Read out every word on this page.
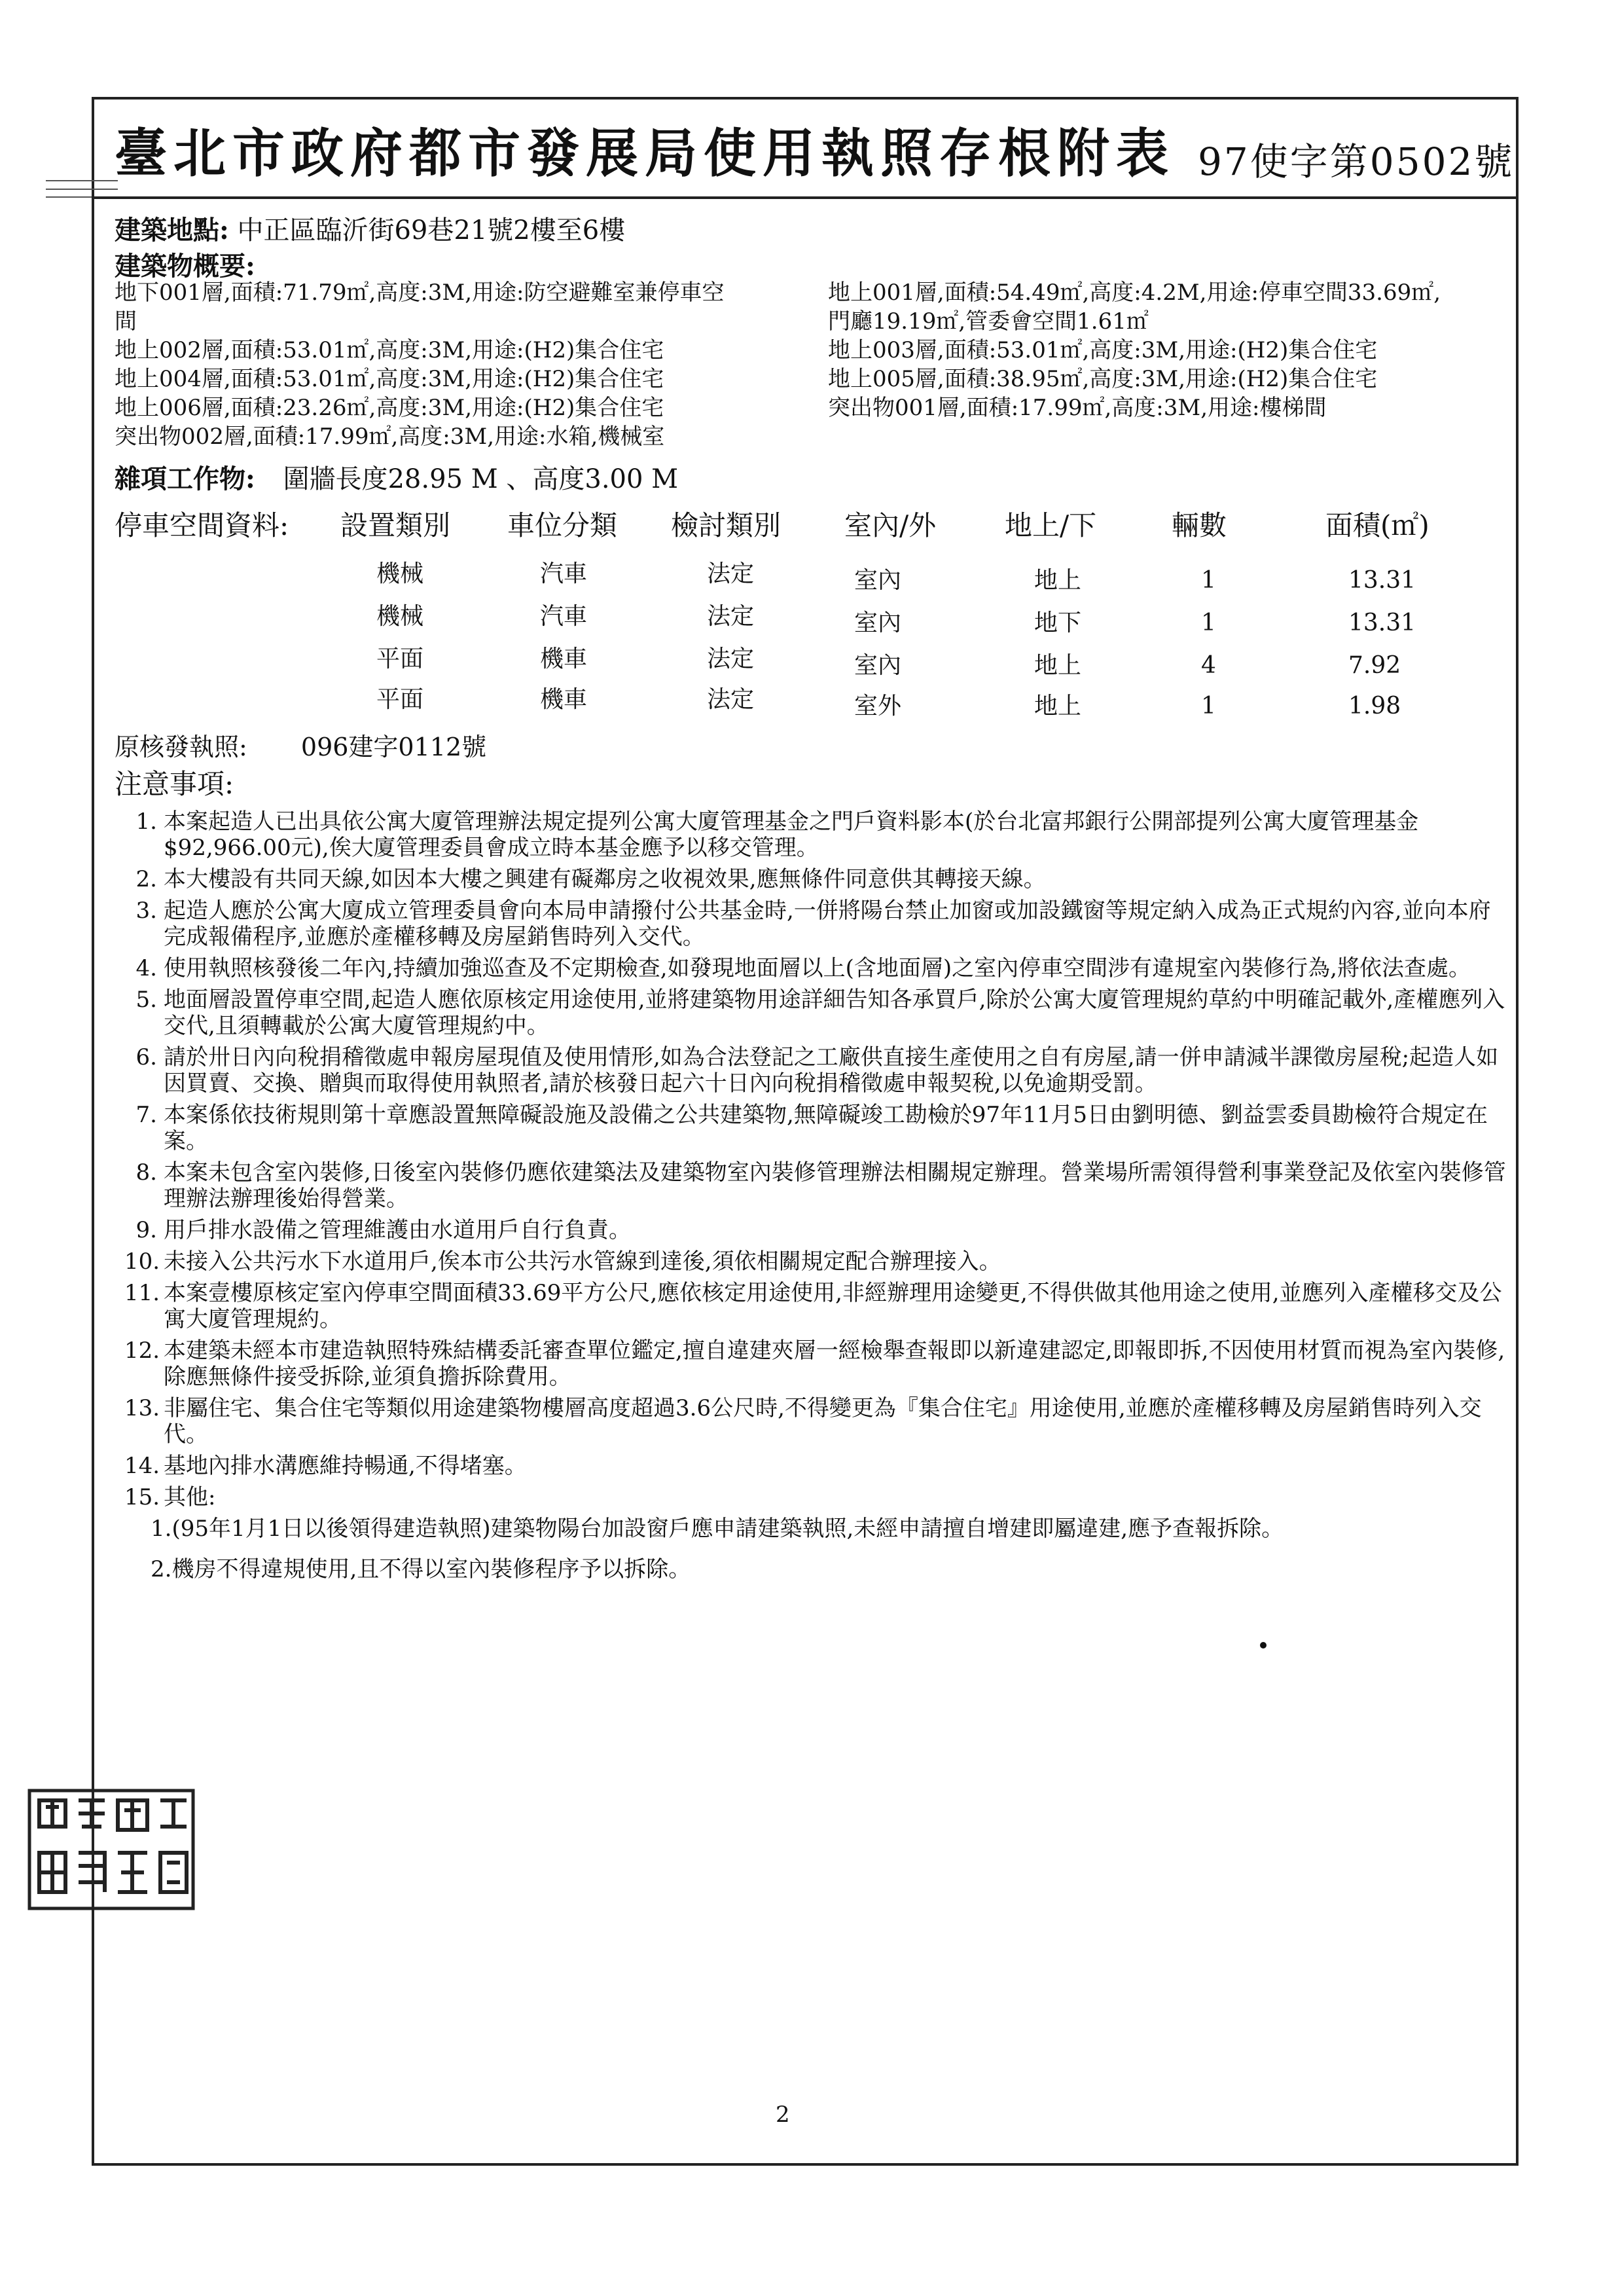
臺北市政府都市發展局使用執照存根附表 97使字第0502號
建築地點: 中正區臨沂街69巷21號2樓至6樓
建築物概要:

地下001層,面積:71.79㎡,高度:3M,用途:防空避難室兼停車空

間

地上002層,面積:53.01㎡,高度:3M,用途:(H2)集合住宅

地上004層,面積:53.01㎡,高度:3M,用途:(H2)集合住宅

地上006層,面積:23.26㎡,高度:3M,用途:(H2)集合住宅

突出物002層,面積:17.99㎡,高度:3M,用途:水箱,機械室

地上001層,面積:54.49㎡,高度:4.2M,用途:停車空間33.69㎡,

門廳19.19㎡,管委會空間1.61㎡

地上003層,面積:53.01㎡,高度:3M,用途:(H2)集合住宅

地上005層,面積:38.95㎡,高度:3M,用途:(H2)集合住宅

突出物001層,面積:17.99㎡,高度:3M,用途:樓梯間

雜項工作物: 圍牆長度28.95 M 、高度3.00 M
停車空間資料: 設置類別 車位分類 檢討類別 室內/外 地上/下	輛數	面積(㎡)
機械	汽車	法定	室內	地上	1	13.31
機械	汽車	法定	室內	地下	1	13.31
平面	機車	法定	室內	地上	4	7.92
平面	機車	法定	室外	地上	1	1.98
原核發執照: 096建字0112號
注意事項:
1. 本案起造人已出具依公寓大廈管理辦法規定提列公寓大廈管理基金之門戶資料影本(於台北富邦銀行公開部提列公寓大廈管理基金$92,966.00元),俟大廈管理委員會成立時本基金應予以移交管理。
2. 本大樓設有共同天線,如因本大樓之興建有礙鄰房之收視效果,應無條件同意供其轉接天線。
3. 起造人應於公寓大廈成立管理委員會向本局申請撥付公共基金時,一併將陽台禁止加窗或加設鐵窗等規定納入成為正式規約內容,並向本府完成報備程序,並應於產權移轉及房屋銷售時列入交代。
4. 使用執照核發後二年內,持續加強巡查及不定期檢查,如發現地面層以上(含地面層)之室內停車空間涉有違規室內裝修行為,將依法查處。
5. 地面層設置停車空間,起造人應依原核定用途使用,並將建築物用途詳細告知各承買戶,除於公寓大廈管理規約草約中明確記載外,產權應列入交代,且須轉載於公寓大廈管理規約中。
6. 請於卅日內向稅捐稽徵處申報房屋現值及使用情形,如為合法登記之工廠供直接生產使用之自有房屋,請一併申請減半課徵房屋稅;起造人如因買賣、交換、贈與而取得使用執照者,請於核發日起六十日內向稅捐稽徵處申報契稅,以免逾期受罰。
7. 本案係依技術規則第十章應設置無障礙設施及設備之公共建築物,無障礙竣工勘檢於97年11月5日由劉明德、劉益雲委員勘檢符合規定在案。
8. 本案未包含室內裝修,日後室內裝修仍應依建築法及建築物室內裝修管理辦法相關規定辦理。營業場所需領得營利事業登記及依室內裝修管理辦法辦理後始得營業。
9. 用戶排水設備之管理維護由水道用戶自行負責。
10. 未接入公共污水下水道用戶,俟本市公共污水管線到達後,須依相關規定配合辦理接入。
11. 本案壹樓原核定室內停車空間面積33.69平方公尺,應依核定用途使用,非經辦理用途變更,不得供做其他用途之使用,並應列入產權移交及公寓大廈管理規約。
12. 本建築未經本市建造執照特殊結構委託審查單位鑑定,擅自違建夾層一經檢舉查報即以新違建認定,即報即拆,不因使用材質而視為室內裝修,除應無條件接受拆除,並須負擔拆除費用。
13. 非屬住宅、集合住宅等類似用途建築物樓層高度超過3.6公尺時,不得變更為『集合住宅』用途使用,並應於產權移轉及房屋銷售時列入交代。
14. 基地內排水溝應維持暢通,不得堵塞。
15. 其他:
1.(95年1月1日以後領得建造執照)建築物陽台加設窗戶應申請建築執照,未經申請擅自增建即屬違建,應予查報拆除。
2.機房不得違規使用,且不得以室內裝修程序予以拆除。
2
